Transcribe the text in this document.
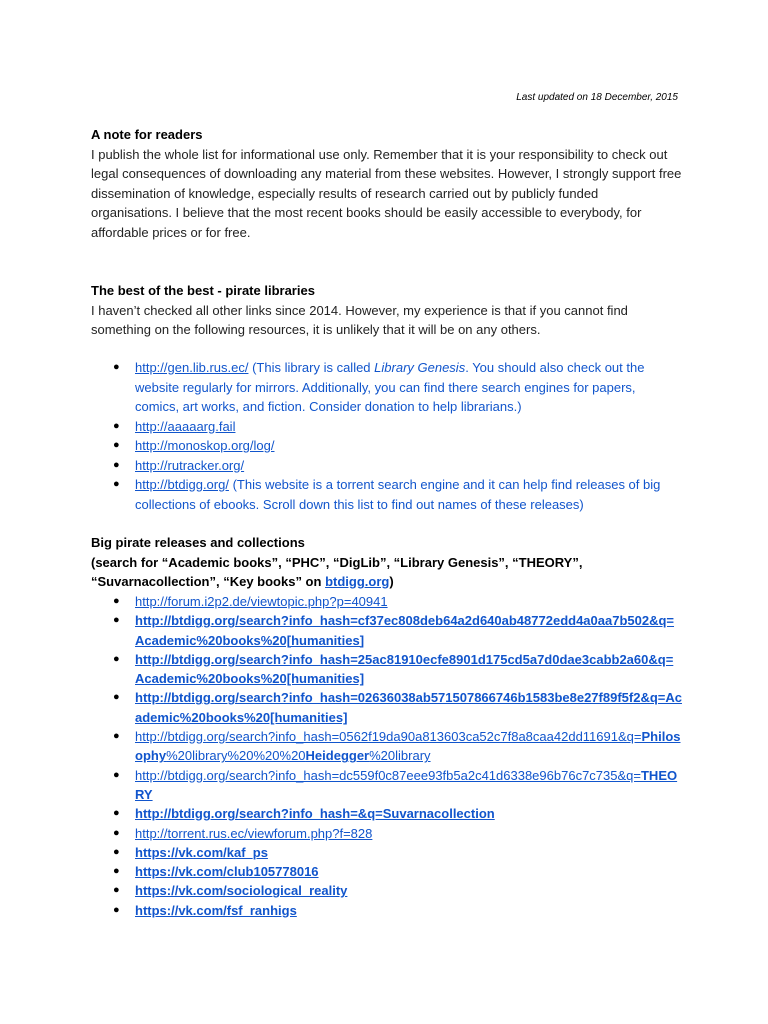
Last updated on 18 December, 2015
A note for readers

I publish the whole list for informational use only. Remember that it is your responsibility to check out legal consequences of downloading any material from these websites. However, I strongly support free dissemination of knowledge, especially results of research carried out by publicly funded organisations. I believe that the most recent books should be easily accessible to everybody, for affordable prices or for free.

The best of the best - pirate libraries

I haven’t checked all other links since 2014. However, my experience is that if you cannot find something on the following resources, it is unlikely that it will be on any others.

● http://gen.lib.rus.ec/ (This library is called Library Genesis. You should also check out the website regularly for mirrors. Additionally, you can find there search engines for papers, comics, art works, and fiction. Consider donation to help librarians.)
● http://aaaaarg.fail
● http://monoskop.org/log/
● http://rutracker.org/
● http://btdigg.org/ (This website is a torrent search engine and it can help find releases of big collections of ebooks. Scroll down this list to find out names of these releases)
Big pirate releases and collections
(search for “Academic books”, “PHC”, “DigLib”, “Library Genesis”, “THEORY”, “Suvarnacollection”, “Key books” on btdigg.org)
● http://forum.i2p2.de/viewtopic.php?p=40941
● http://btdigg.org/search?info_hash=cf37ec808deb64a2d640ab48772edd4a0aa7b502&q=Academic%20books%20[humanities]
● http://btdigg.org/search?info_hash=25ac81910ecfe8901d175cd5a7d0dae3cabb2a60&q=Academic%20books%20[humanities]
● http://btdigg.org/search?info_hash=02636038ab571507866746b1583be8e27f89f5f2&q=Academic%20books%20[humanities]
● http://btdigg.org/search?info_hash=0562f19da90a813603ca52c7f8a8caa42dd11691&q=Philosophy%20library%20%20%20Heidegger%20library
● http://btdigg.org/search?info_hash=dc559f0c87eee93fb5a2c41d6338e96b76c7c735&q=THEORY
● http://btdigg.org/search?info_hash=&q=Suvarnacollection
● http://torrent.rus.ec/viewforum.php?f=828
● https://vk.com/kaf_ps
● https://vk.com/club105778016
● https://vk.com/sociological_reality
● https://vk.com/fsf_ranhigs
